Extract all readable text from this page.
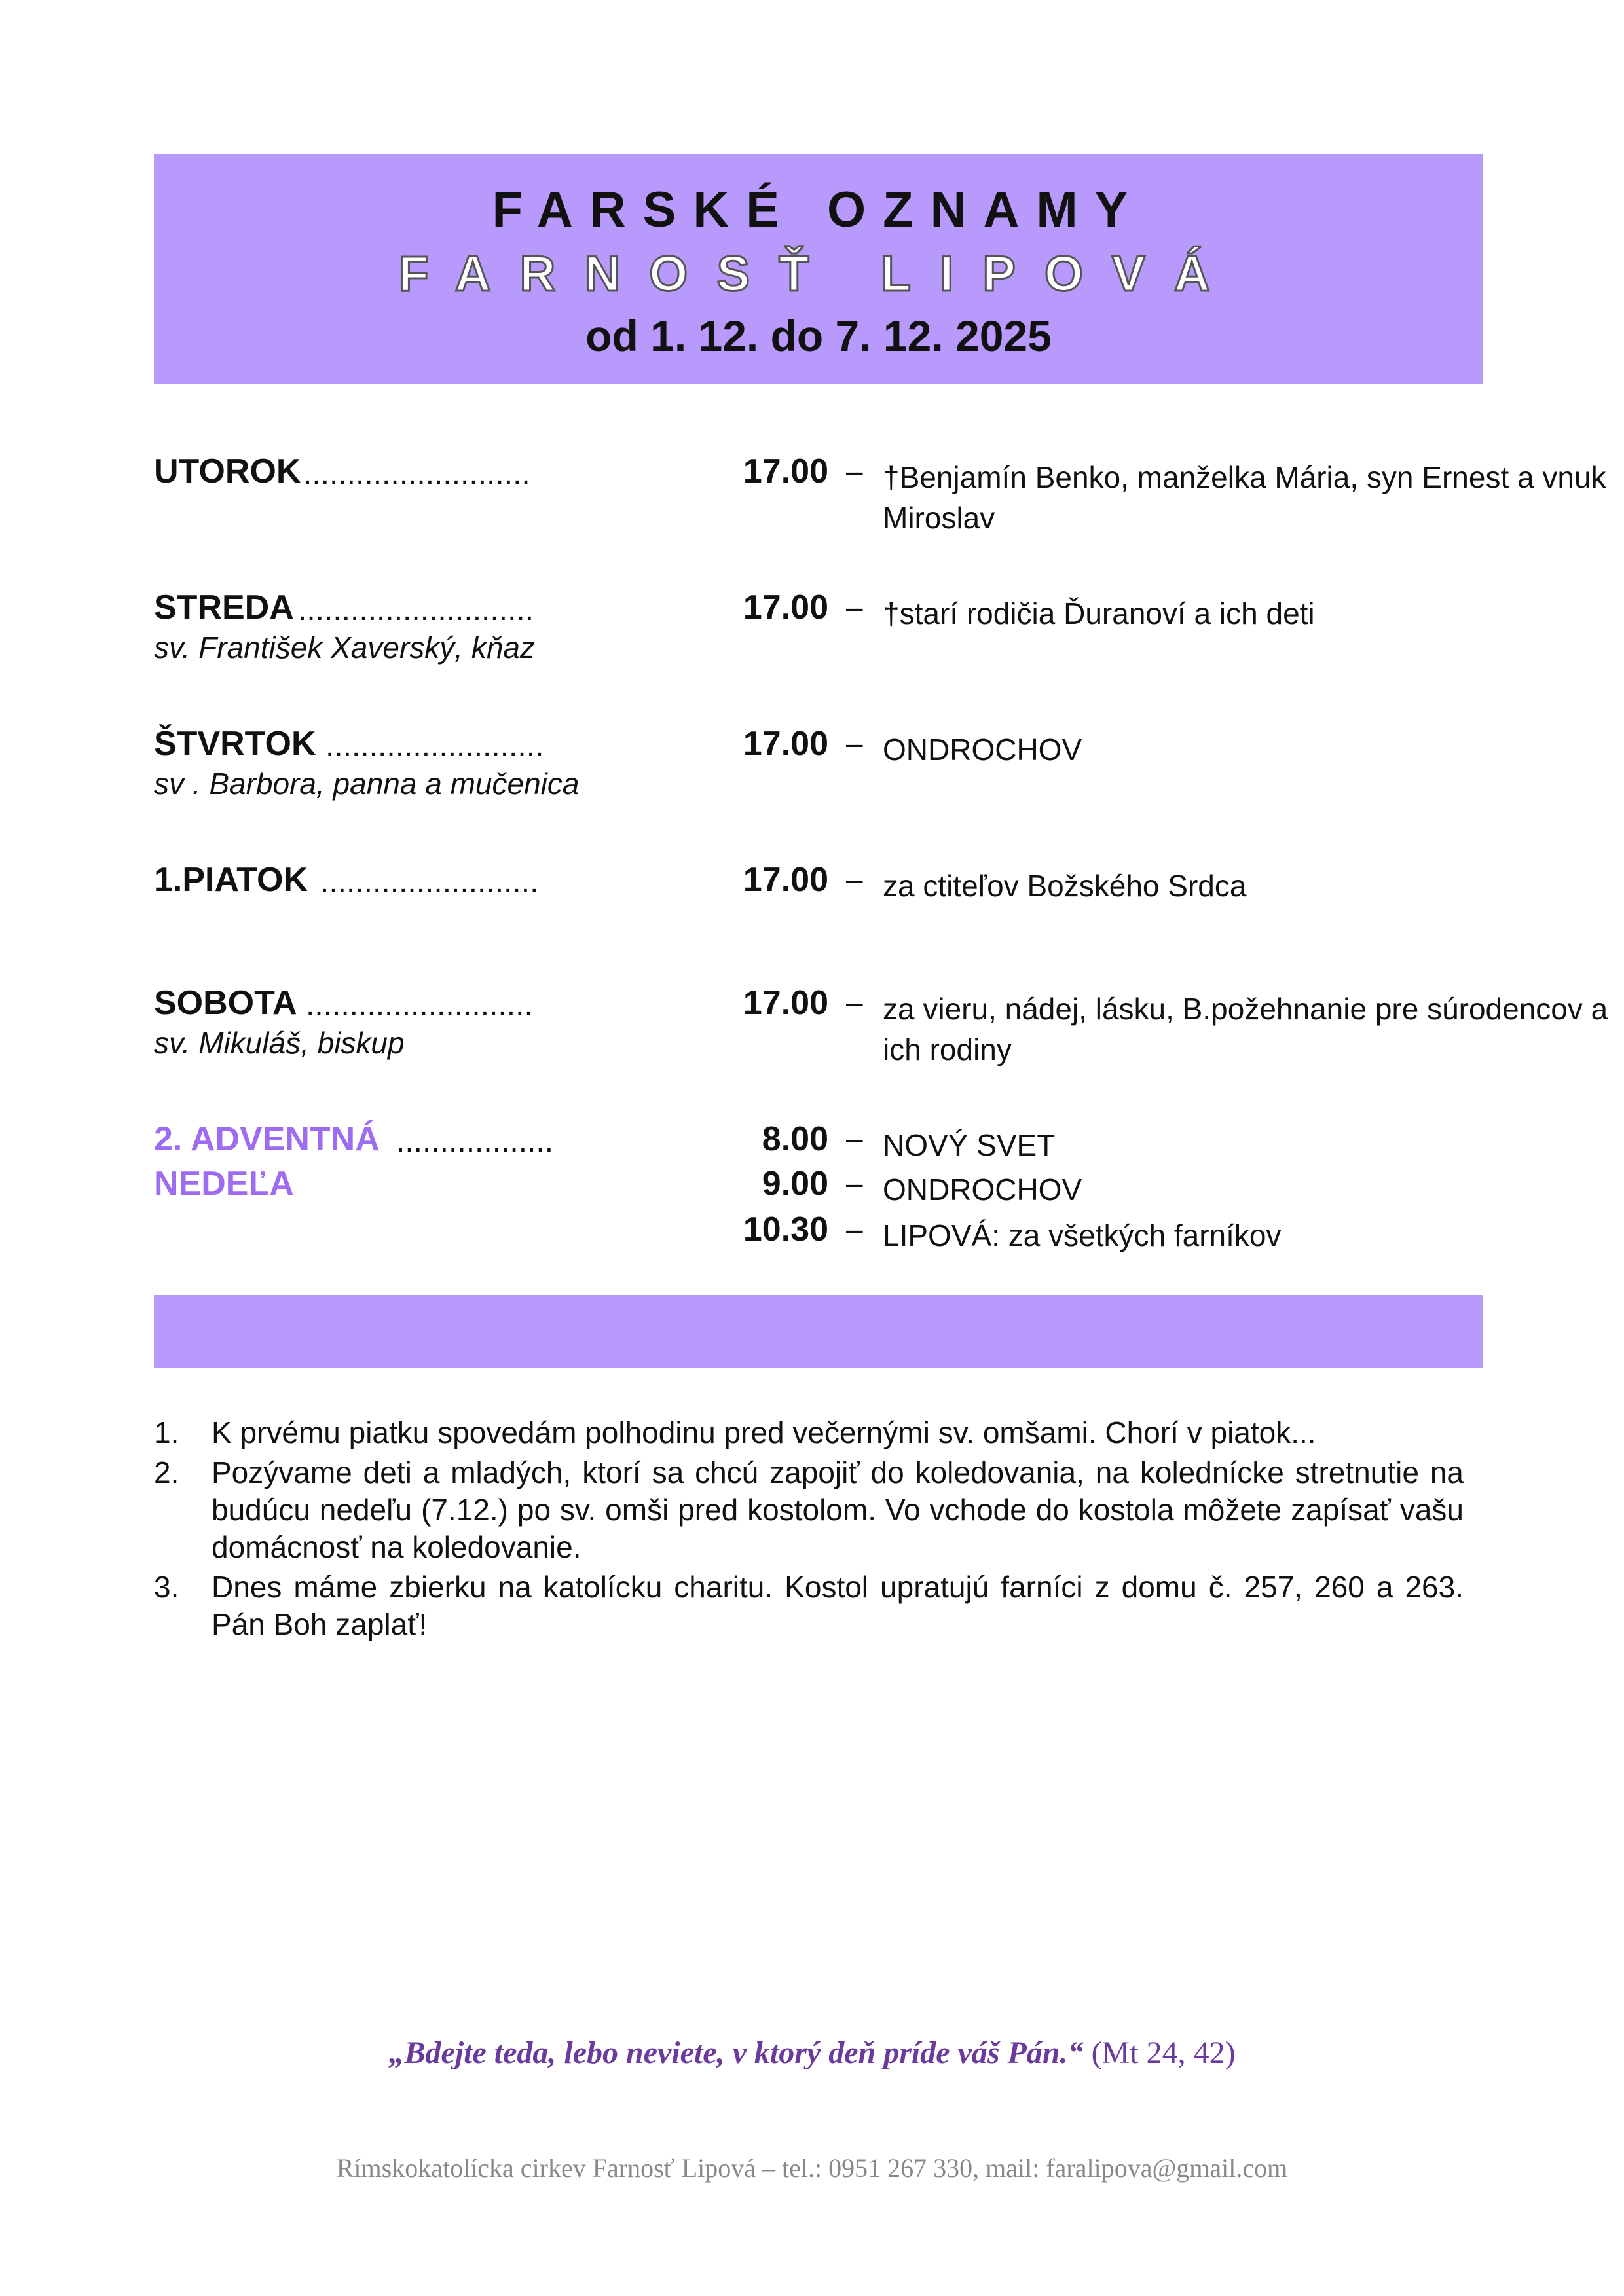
FARSKÉ OZNAMY
FARNOSŤ LIPOVÁ
od 1. 12. do 7. 12. 2025
UTOROK ..........................	17.00 – †Benjamín Benko, manželka Mária, syn Ernest a vnuk Miroslav
STREDA ...........................	17.00 – †starí rodičia Ďuranoví a ich deti
sv. František Xaverský, kňaz
ŠTVRTOK .........................	17.00 – ONDROCHOV
sv . Barbora, panna a mučenica
1.PIATOK .........................	17.00 – za ctiteľov Božského Srdca
SOBOTA ..........................	17.00 – za vieru, nádej, lásku, B.požehnanie pre súrodencov a ich rodiny
sv. Mikuláš, biskup
2. ADVENTNÁ ..................
NEDEĽA
8.00 – NOVÝ SVET
9.00 – ONDROCHOV
10.30 – LIPOVÁ: za všetkých farníkov
1. K prvému piatku spovedám polhodinu pred večernými sv. omšami. Chorí v piatok...
2. Pozývame deti a mladých, ktorí sa chcú zapojiť do koledovania, na kolednícke stretnutie na budúcu nedeľu (7.12.) po sv. omši pred kostolom. Vo vchode do kostola môžete zapísať vašu domácnosť na koledovanie.
3. Dnes máme zbierku na katolícku charitu. Kostol upratujú farníci z domu č. 257, 260 a 263. Pán Boh zaplať!
„Bdejte teda, lebo neviete, v ktorý deň príde váš Pán.“ (Mt 24, 42)
Rímskokatolícka cirkev Farnosť Lipová – tel.: 0951 267 330, mail: faralipova@gmail.com
